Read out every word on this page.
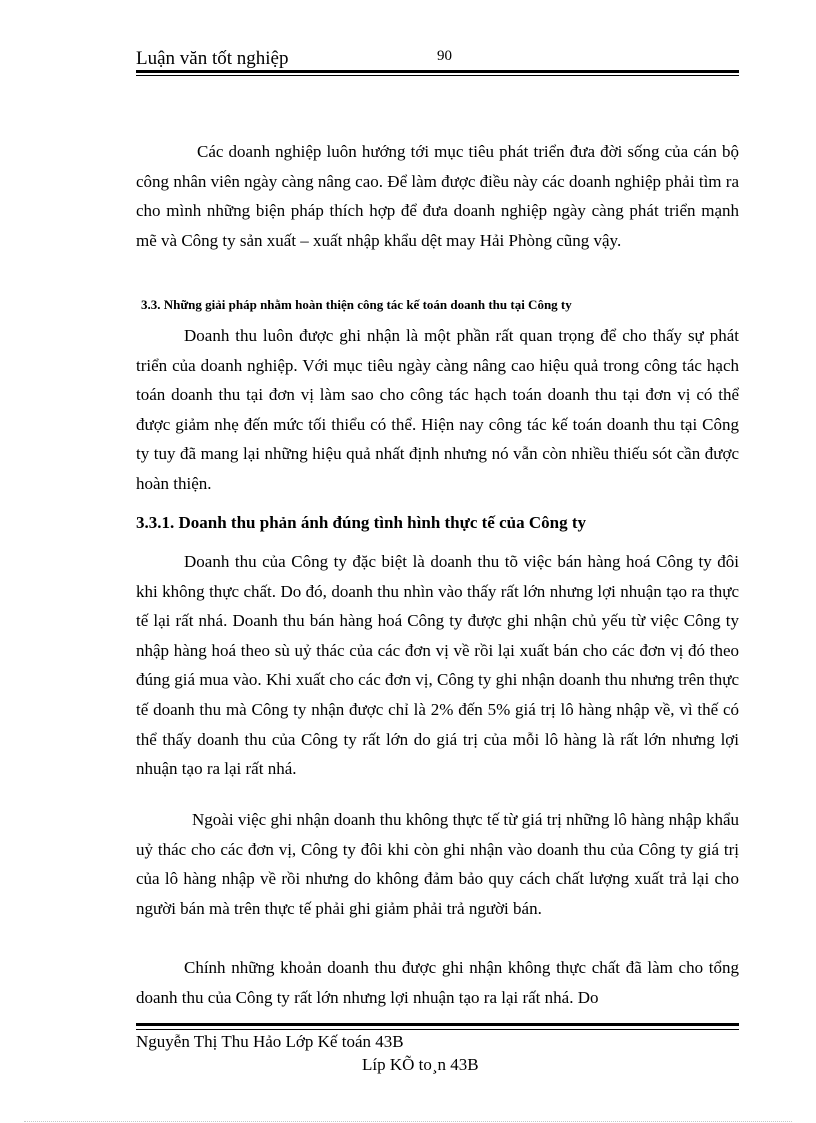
Luận văn tốt nghiệp	90

Các doanh nghiệp luôn hướng tới mục tiêu phát triển đưa đời sống của cán bộ công nhân viên ngày càng nâng cao. Để làm được điều này các doanh nghiệp phải tìm ra cho mình những biện pháp thích hợp để đưa doanh nghiệp ngày càng phát triển mạnh mẽ và Công ty sản xuất – xuất nhập khẩu dệt may Hải Phòng cũng vậy.

3.3. Những giải pháp nhằm hoàn thiện công tác kế toán doanh thu tại Công ty

Doanh thu luôn được ghi nhận là một phần rất quan trọng để cho thấy sự phát triển của doanh nghiệp. Với mục tiêu ngày càng nâng cao hiệu quả trong công tác hạch toán doanh thu tại đơn vị làm sao cho công tác hạch toán doanh thu tại đơn vị có thể được giảm nhẹ đến mức tối thiểu có thể. Hiện nay công tác kế toán doanh thu tại Công ty tuy đã mang lại những hiệu quả nhất định nhưng nó vẫn còn nhiều thiếu sót cần được hoàn thiện.

3.3.1. Doanh thu phản ánh đúng tình hình thực tế của Công ty

Doanh thu của Công ty đặc biệt là doanh thu tõ việc bán hàng hoá Công ty đôi khi không thực chất. Do đó, doanh thu nhìn vào thấy rất lớn nhưng lợi nhuận tạo ra thực tế lại rất nhá. Doanh thu bán hàng hoá Công ty được ghi nhận chủ yếu từ việc Công ty nhập hàng hoá theo sù uỷ thác của các đơn vị về rồi lại xuất bán cho các đơn vị đó theo đúng giá mua vào. Khi xuất cho các đơn vị, Công ty ghi nhận doanh thu nhưng trên thực tế doanh thu mà Công ty nhận được chỉ là 2% đến 5% giá trị lô hàng nhập về, vì thế có thể thấy doanh thu của Công ty rất lớn do giá trị của mỗi lô hàng là rất lớn nhưng lợi nhuận tạo ra lại rất nhá.

Ngoài việc ghi nhận doanh thu không thực tế từ giá trị những lô hàng nhập khẩu uỷ thác cho các đơn vị, Công ty đôi khi còn ghi nhận vào doanh thu của Công ty giá trị của lô hàng nhập về rồi nhưng do không đảm bảo quy cách chất lượng xuất trả lại cho người bán mà trên thực tế phải ghi giảm phải trả người bán.

Chính những khoản doanh thu được ghi nhận không thực chất đã làm cho tổng doanh thu của Công ty rất lớn nhưng lợi nhuận tạo ra lại rất nhá. Do

Nguyễn Thị Thu Hảo Lớp Kế toán 43B
Líp KÕ to¸n 43B
